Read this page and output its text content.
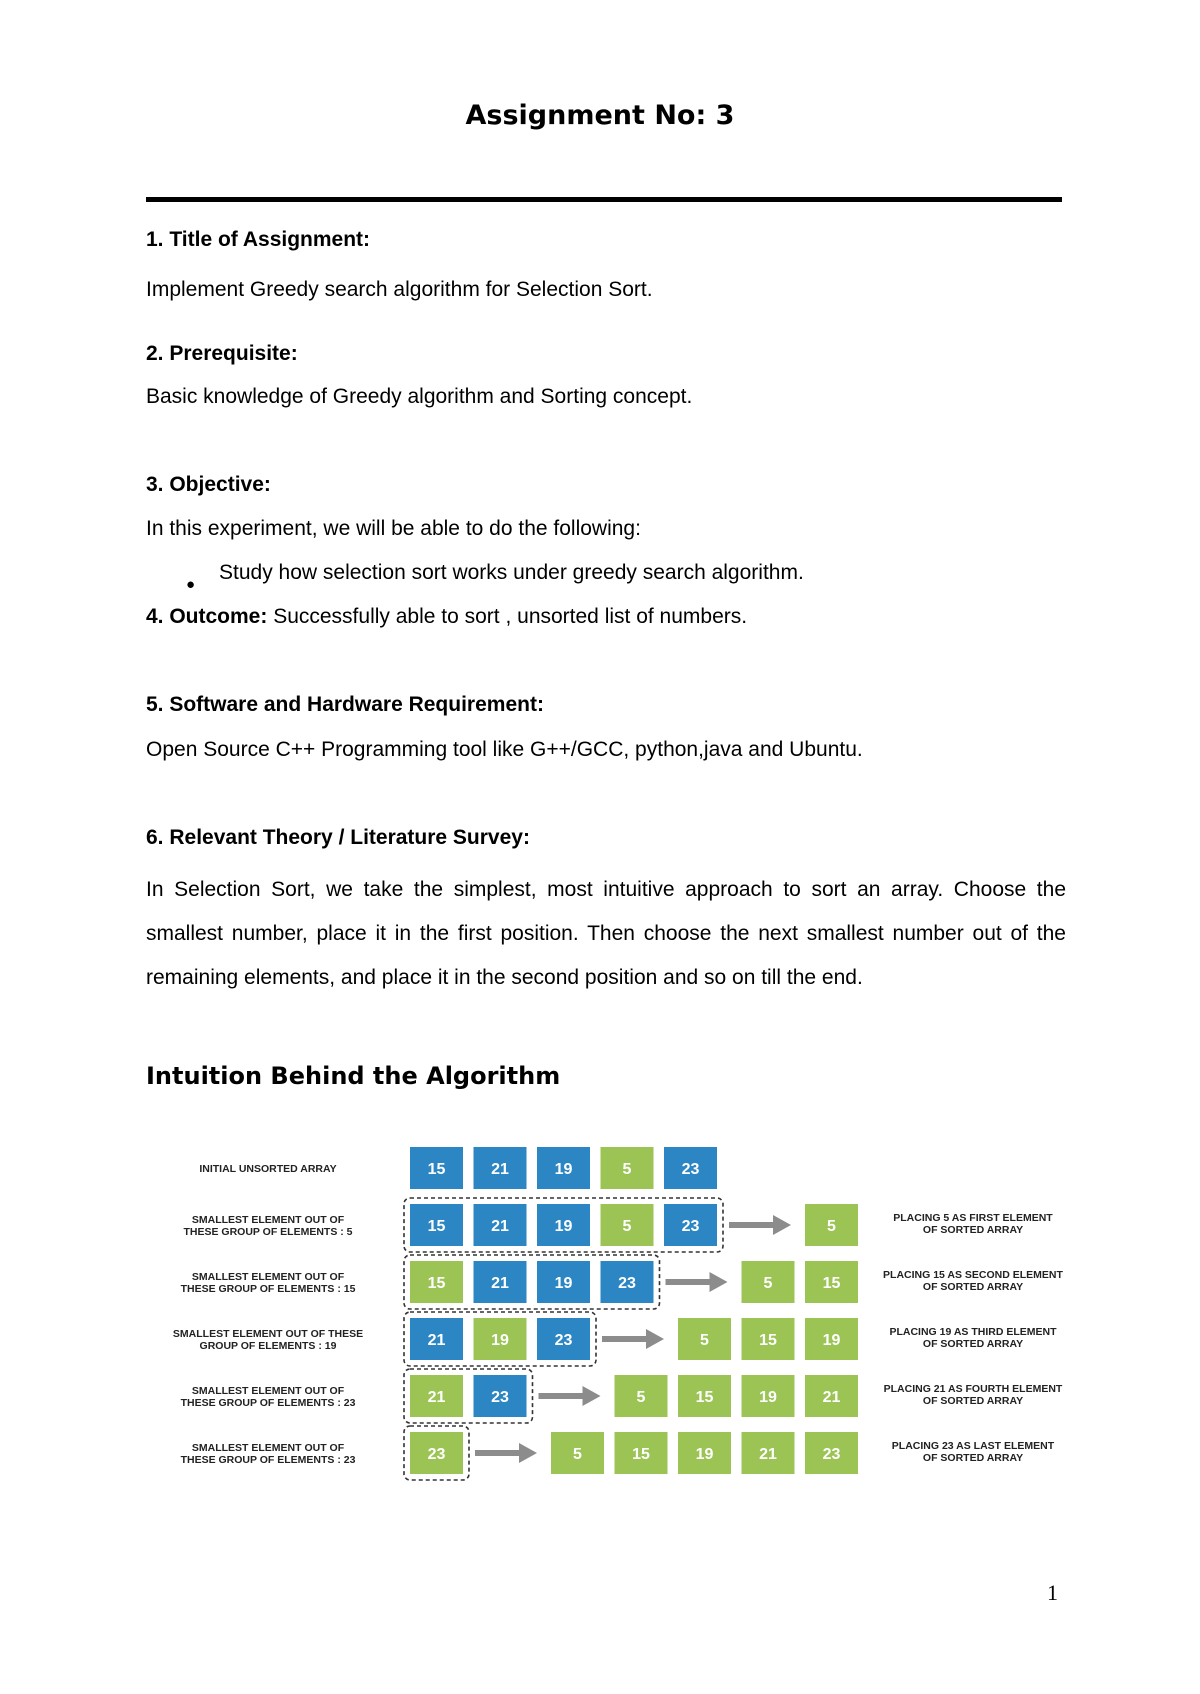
Assignment No: 3
1. Title of Assignment:
Implement Greedy search algorithm for Selection Sort.
2. Prerequisite:
Basic knowledge of Greedy algorithm and Sorting concept.
3. Objective:
In this experiment, we will be able to do the following:
●
Study how selection sort works under greedy search algorithm.
4. Outcome: Successfully able to sort , unsorted list of numbers.
5. Software and Hardware Requirement:
Open Source C++ Programming tool like G++/GCC, python,java and Ubuntu.
6. Relevant Theory / Literature Survey:
In Selection Sort, we take the simplest, most intuitive approach to sort an array. Choose the smallest number, place it in the first position. Then choose the next smallest number out of the remaining elements, and place it in the second position and so on till the end.
Intuition Behind the Algorithm
INITIAL UNSORTED ARRAY	15	21	19	5	23
SMALLEST ELEMENT OUT OF
THESE GROUP OF ELEMENTS : 5	15	21	19	5	23	5	PLACING 5 AS FIRST ELEMENT
OF SORTED ARRAY
SMALLEST ELEMENT OUT OF
THESE GROUP OF ELEMENTS : 15	15	21	19	23	5	15	PLACING 15 AS SECOND ELEMENT
OF SORTED ARRAY
SMALLEST ELEMENT OUT OF THESE
GROUP OF ELEMENTS : 19	21	19	23	5	15	19	PLACING 19 AS THIRD ELEMENT
OF SORTED ARRAY
SMALLEST ELEMENT OUT OF
THESE GROUP OF ELEMENTS : 23	21	23	5	15	19	21	PLACING 21 AS FOURTH ELEMENT
OF SORTED ARRAY
SMALLEST ELEMENT OUT OF
THESE GROUP OF ELEMENTS : 23	23	5	15	19	21	23	PLACING 23 AS LAST ELEMENT
OF SORTED ARRAY
1
